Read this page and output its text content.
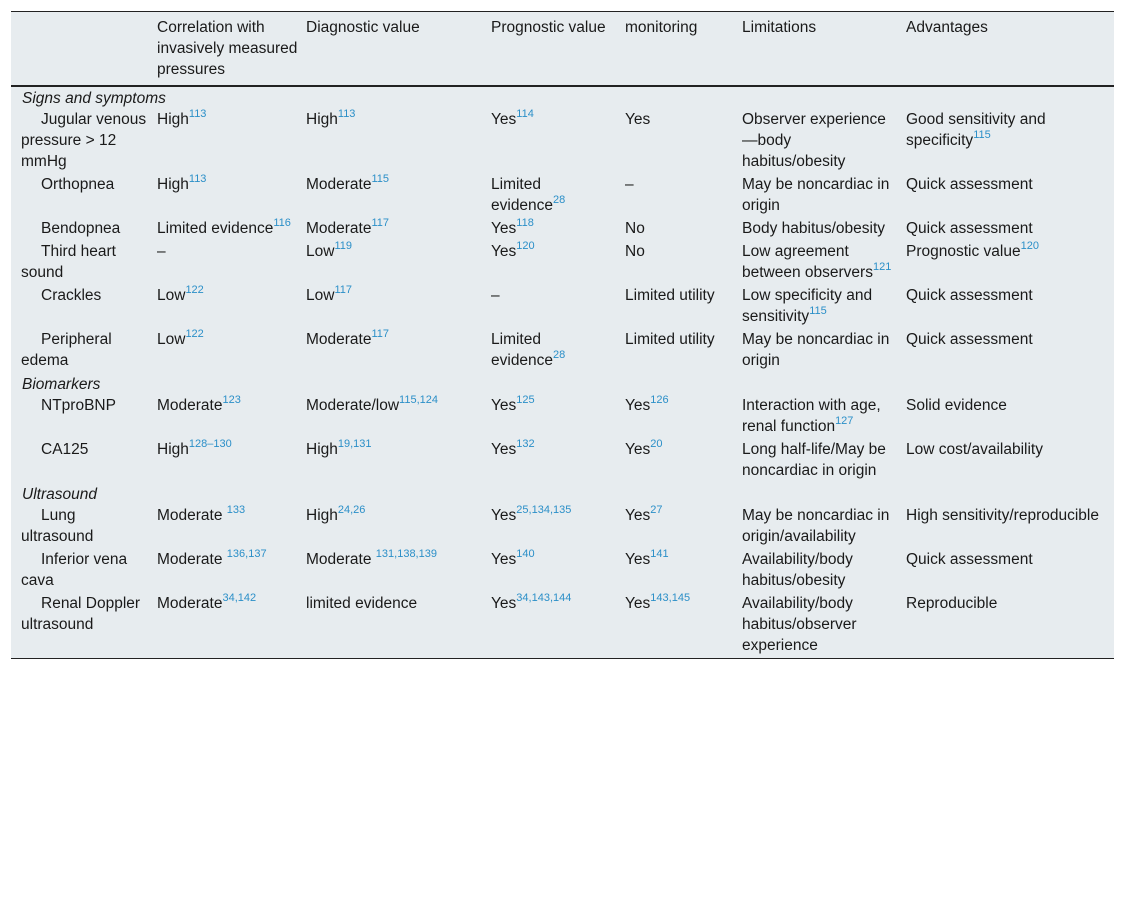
	Correlation with invasively measured pressures	Diagnostic value	Prognostic value	monitoring	Limitations	Advantages
Signs and symptoms						
Jugular venous pressure > 12 mmHg	High$^{113}$	High$^{113}$	Yes$^{114}$	Yes	Observer experience—body habitus/obesity	Good sensitivity and specificity$^{115}$
Orthopnea	High$^{113}$	Moderate$^{115}$	Limited evidence$^{28}$	–	May be noncardiac in origin	Quick assessment
Bendopnea	Limited evidence$^{116}$	Moderate$^{117}$	Yes$^{118}$	No	Body habitus/obesity	Quick assessment
Third heart sound	–	Low$^{119}$	Yes$^{120}$	No	Low agreement between observers$^{121}$	Prognostic value$^{120}$
Crackles	Low$^{122}$	Low$^{117}$	–	Limited utility	Low specificity and sensitivity$^{115}$	Quick assessment
Peripheral edema	Low$^{122}$	Moderate$^{117}$	Limited evidence$^{28}$	Limited utility	May be noncardiac in origin	Quick assessment
Biomarkers						
NTproBNP	Moderate$^{123}$	Moderate/low$^{115,124}$	Yes$^{125}$	Yes$^{126}$	Interaction with age, renal function$^{127}$	Solid evidence
CA125	High$^{128-130}$	High$^{19,131}$	Yes$^{132}$	Yes$^{20}$	Long half-life/May be noncardiac in origin	Low cost/availability
Ultrasound						
Lung ultrasound	Moderate $^{133}$	High$^{24,26}$	Yes$^{25,134,135}$	Yes$^{27}$	May be noncardiac in origin/availability	High sensitivity/reproducible
Inferior vena cava	Moderate $^{136,137}$	Moderate $^{131,138,139}$	Yes$^{140}$	Yes$^{141}$	Availability/body habitus/obesity	Quick assessment
Renal Doppler ultrasound	Moderate$^{34,142}$	limited evidence	Yes$^{34,143,144}$	Yes$^{143,145}$	Availability/body habitus/observer experience	Reproducible
